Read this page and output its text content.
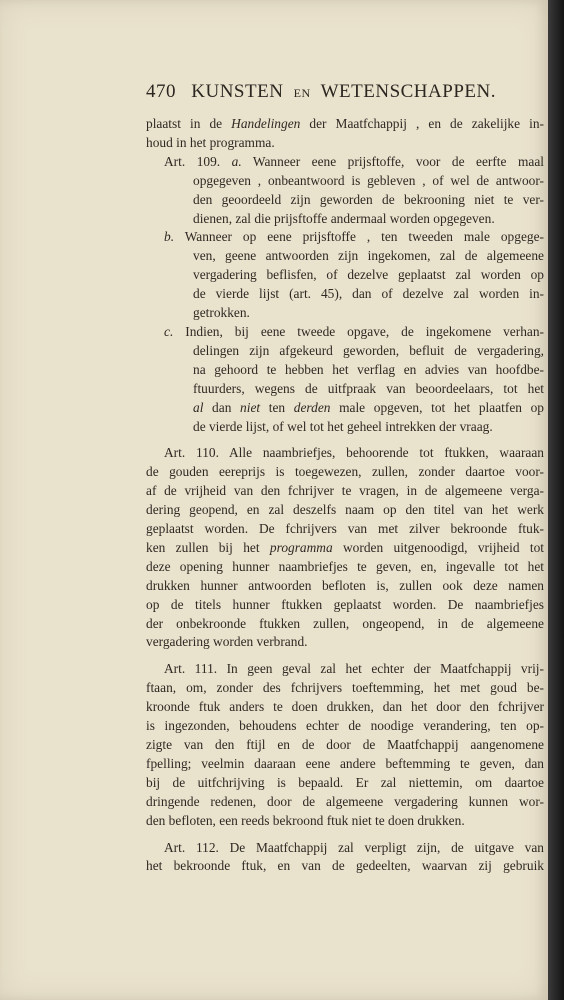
470 KUNSTEN EN WETENSCHAPPEN.
plaatst in de Handelingen der Maatfchappij , en de zakelijke in-
houd in het programma.
Art. 109. a. Wanneer eene prijsftoffe, voor de eerfte maal
opgegeven , onbeantwoord is gebleven , of wel de antwoor-
den geoordeeld zijn geworden de bekrooning niet te ver-
dienen, zal die prijsftoffe andermaal worden opgegeven.
b. Wanneer op eene prijsftoffe , ten tweeden male opgege-
ven, geene antwoorden zijn ingekomen, zal de algemeene
vergadering beflisfen, of dezelve geplaatst zal worden op
de vierde lijst (art. 45), dan of dezelve zal worden in-
getrokken.
c. Indien, bij eene tweede opgave, de ingekomene verhan-
delingen zijn afgekeurd geworden, befluit de vergadering,
na gehoord te hebben het verflag en advies van hoofdbe-
ftuurders, wegens de uitfpraak van beoordeelaars, tot het
al dan niet ten derden male opgeven, tot het plaatfen op
de vierde lijst, of wel tot het geheel intrekken der vraag.
Art. 110. Alle naambriefjes, behoorende tot ftukken, waaraan
de gouden eereprijs is toegewezen, zullen, zonder daartoe voor-
af de vrijheid van den fchrijver te vragen, in de algemeene verga-
dering geopend, en zal deszelfs naam op den titel van het werk
geplaatst worden. De fchrijvers van met zilver bekroonde ftuk-
ken zullen bij het programma worden uitgenoodigd, vrijheid tot
deze opening hunner naambriefjes te geven, en, ingevalle tot het
drukken hunner antwoorden befloten is, zullen ook deze namen
op de titels hunner ftukken geplaatst worden. De naambriefjes
der onbekroonde ftukken zullen, ongeopend, in de algemeene
vergadering worden verbrand.
Art. 111. In geen geval zal het echter der Maatfchappij vrij-
ftaan, om, zonder des fchrijvers toeftemming, het met goud be-
kroonde ftuk anders te doen drukken, dan het door den fchrijver
is ingezonden, behoudens echter de noodige verandering, ten op-
zigte van den ftijl en de door de Maatfchappij aangenomene
fpelling; veelmin daaraan eene andere beftemming te geven, dan
bij de uitfchrijving is bepaald. Er zal niettemin, om daartoe
dringende redenen, door de algemeene vergadering kunnen wor-
den befloten, een reeds bekroond ftuk niet te doen drukken.
Art. 112. De Maatfchappij zal verpligt zijn, de uitgave van
het bekroonde ftuk, en van de gedeelten, waarvan zij gebruik
